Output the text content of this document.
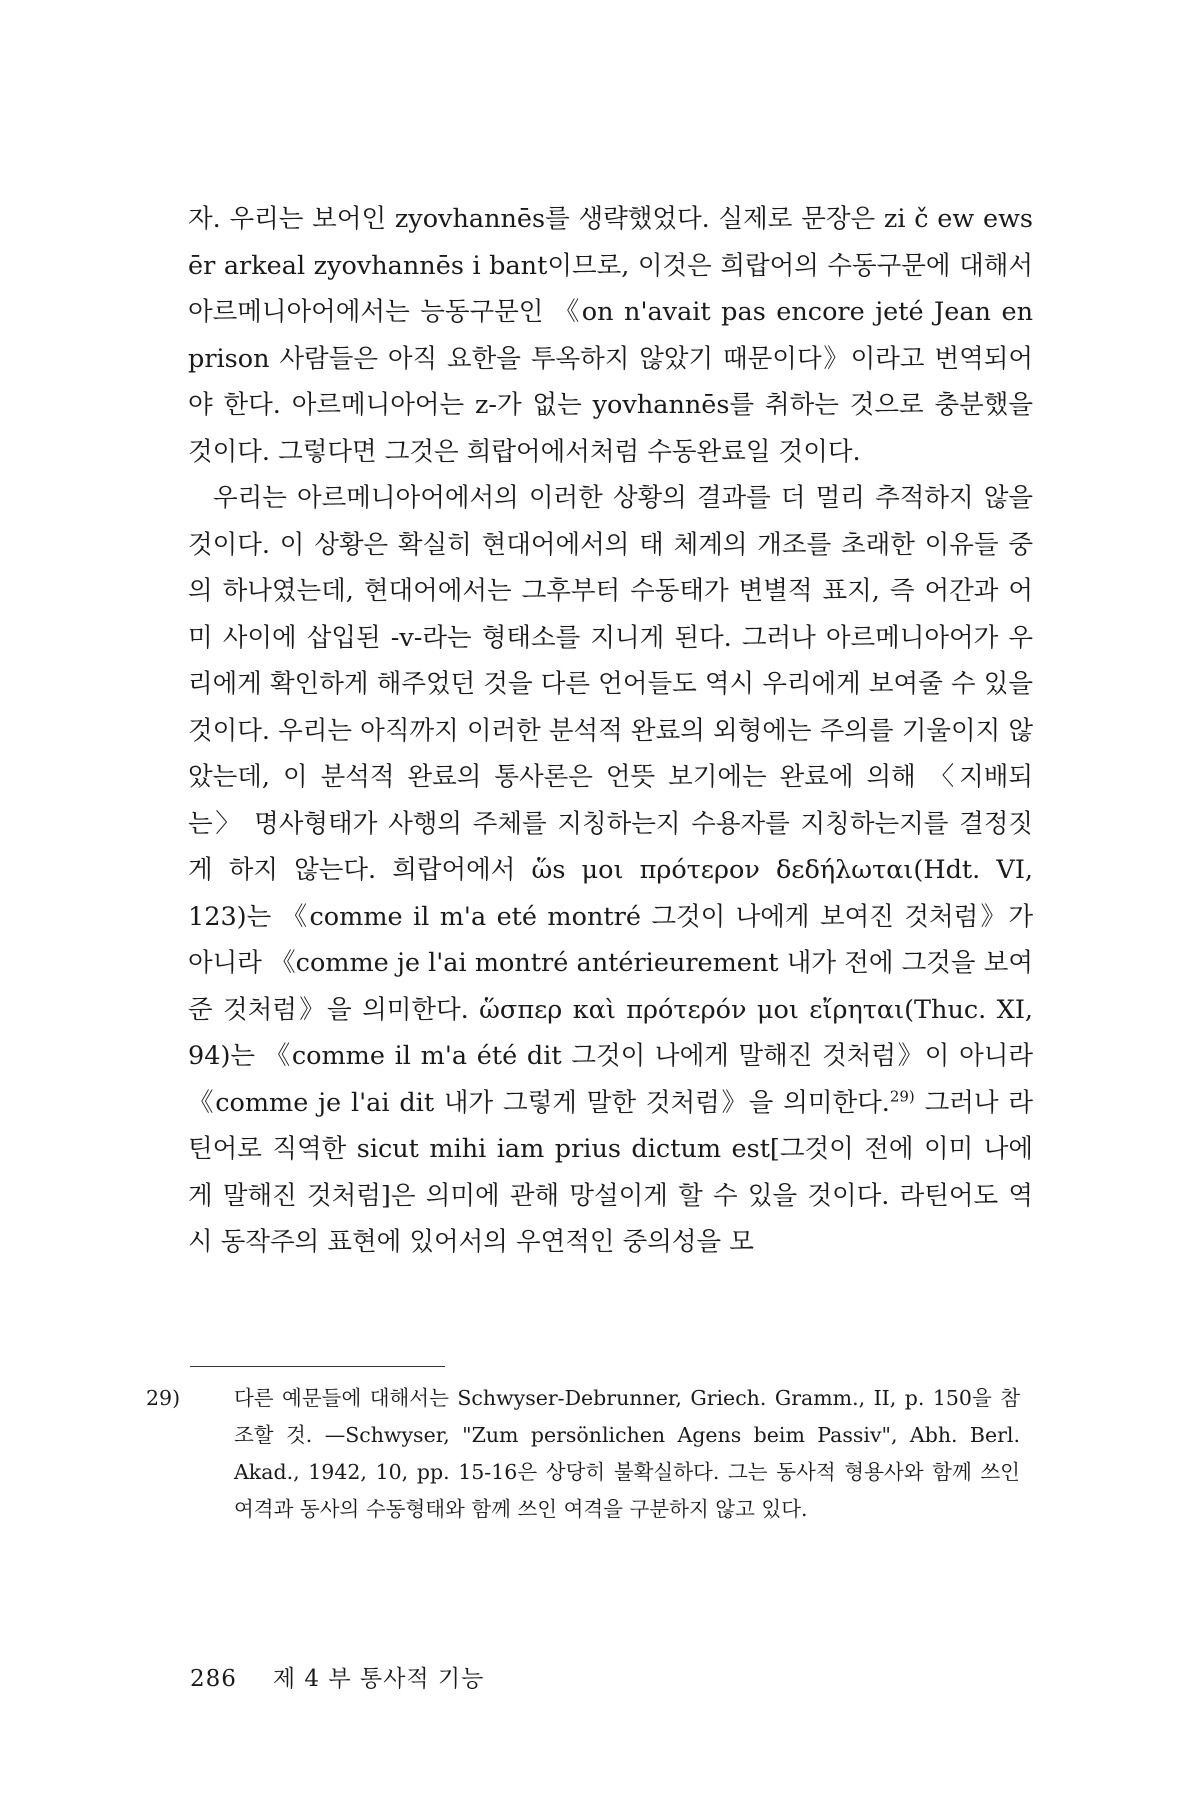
자. 우리는 보어인 zyovhannēs를 생략했었다. 실제로 문장은 zi č ew ews ēr arkeal zyovhannēs i bant이므로, 이것은 희랍어의 수동구문에 대해서 아르메니아어에서는 능동구문인 《on n'avait pas encore jeté Jean en prison 사람들은 아직 요한을 투옥하지 않았기 때문이다》이라고 번역되어야 한다. 아르메니아어는 z-가 없는 yovhannēs를 취하는 것으로 충분했을 것이다. 그렇다면 그것은 희랍어에서처럼 수동완료일 것이다.

우리는 아르메니아어에서의 이러한 상황의 결과를 더 멀리 추적하지 않을 것이다. 이 상황은 확실히 현대어에서의 태 체계의 개조를 초래한 이유들 중의 하나였는데, 현대어에서는 그후부터 수동태가 변별적 표지, 즉 어간과 어미 사이에 삽입된 -v-라는 형태소를 지니게 된다. 그러나 아르메니아어가 우리에게 확인하게 해주었던 것을 다른 언어들도 역시 우리에게 보여줄 수 있을 것이다. 우리는 아직까지 이러한 분석적 완료의 외형에는 주의를 기울이지 않았는데, 이 분석적 완료의 통사론은 언뜻 보기에는 완료에 의해 〈지배되는〉 명사형태가 사행의 주체를 지칭하는지 수용자를 지칭하는지를 결정짓게 하지 않는다. 희랍어에서 ὥs μοι πρότερον δεδήλωται(Hdt. VI, 123)는 《comme il m'a eté montré 그것이 나에게 보여진 것처럼》가 아니라 《comme je l'ai montré antérieurement 내가 전에 그것을 보여준 것처럼》을 의미한다. ὥσπερ καὶ πρότερόν μοι εἴρηται(Thuc. XI, 94)는 《comme il m'a été dit 그것이 나에게 말해진 것처럼》이 아니라 《comme je l'ai dit 내가 그렇게 말한 것처럼》을 의미한다.$^{29)}$ 그러나 라틴어로 직역한 sicut mihi iam prius dictum est[그것이 전에 이미 나에게 말해진 것처럼]은 의미에 관해 망설이게 할 수 있을 것이다. 라틴어도 역시 동작주의 표현에 있어서의 우연적인 중의성을 모

29)	다른 예문들에 대해서는 Schwyser-Debrunner, Griech. Gramm., II, p. 150을 참조할 것. —Schwyser, "Zum persönlichen Agens beim Passiv", Abh. Berl. Akad., 1942, 10, pp. 15-16은 상당히 불확실하다. 그는 동사적 형용사와 함께 쓰인 여격과 동사의 수동형태와 함께 쓰인 여격을 구분하지 않고 있다.

286 제 4 부 통사적 기능
